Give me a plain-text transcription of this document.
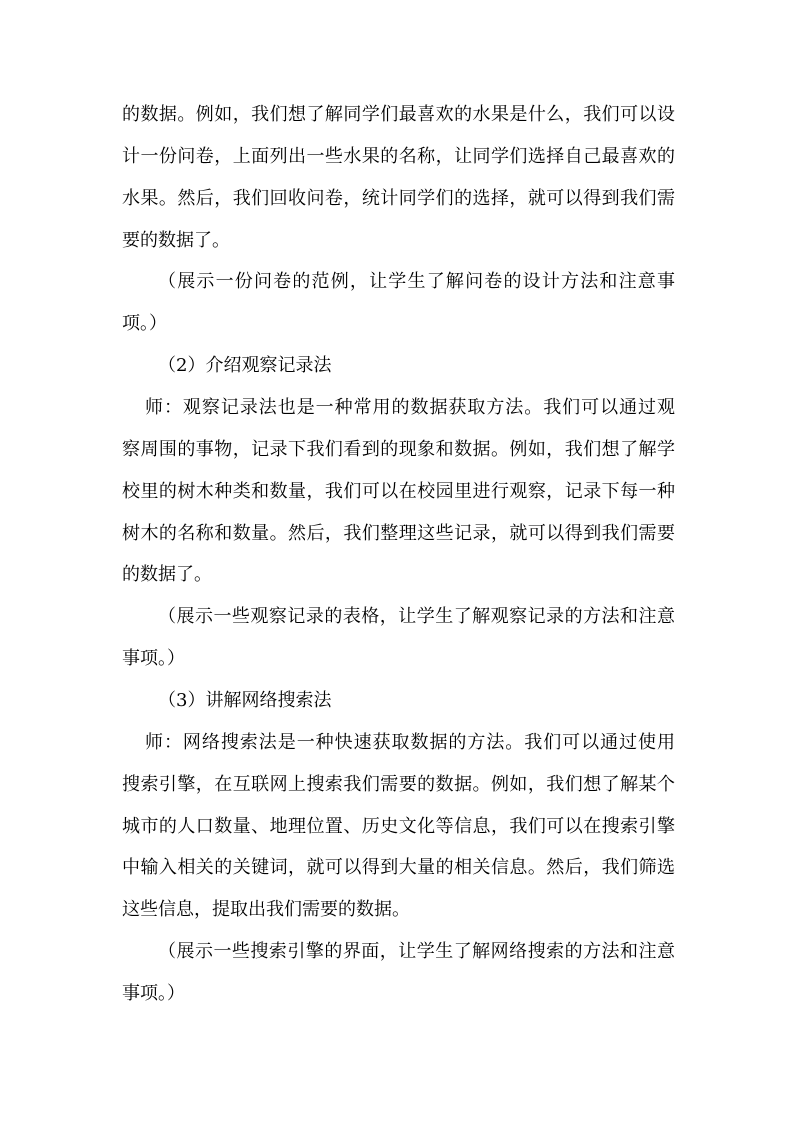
的数据。例如，我们想了解同学们最喜欢的水果是什么，我们可以设
计一份问卷，上面列出一些水果的名称，让同学们选择自己最喜欢的
水果。然后，我们回收问卷，统计同学们的选择，就可以得到我们需
要的数据了。
（展示一份问卷的范例，让学生了解问卷的设计方法和注意事
项。）
（2）介绍观察记录法
师：观察记录法也是一种常用的数据获取方法。我们可以通过观
察周围的事物，记录下我们看到的现象和数据。例如，我们想了解学
校里的树木种类和数量，我们可以在校园里进行观察，记录下每一种
树木的名称和数量。然后，我们整理这些记录，就可以得到我们需要
的数据了。
（展示一些观察记录的表格，让学生了解观察记录的方法和注意
事项。）
（3）讲解网络搜索法
师：网络搜索法是一种快速获取数据的方法。我们可以通过使用
搜索引擎，在互联网上搜索我们需要的数据。例如，我们想了解某个
城市的人口数量、地理位置、历史文化等信息，我们可以在搜索引擎
中输入相关的关键词，就可以得到大量的相关信息。然后，我们筛选
这些信息，提取出我们需要的数据。
（展示一些搜索引擎的界面，让学生了解网络搜索的方法和注意
事项。）
